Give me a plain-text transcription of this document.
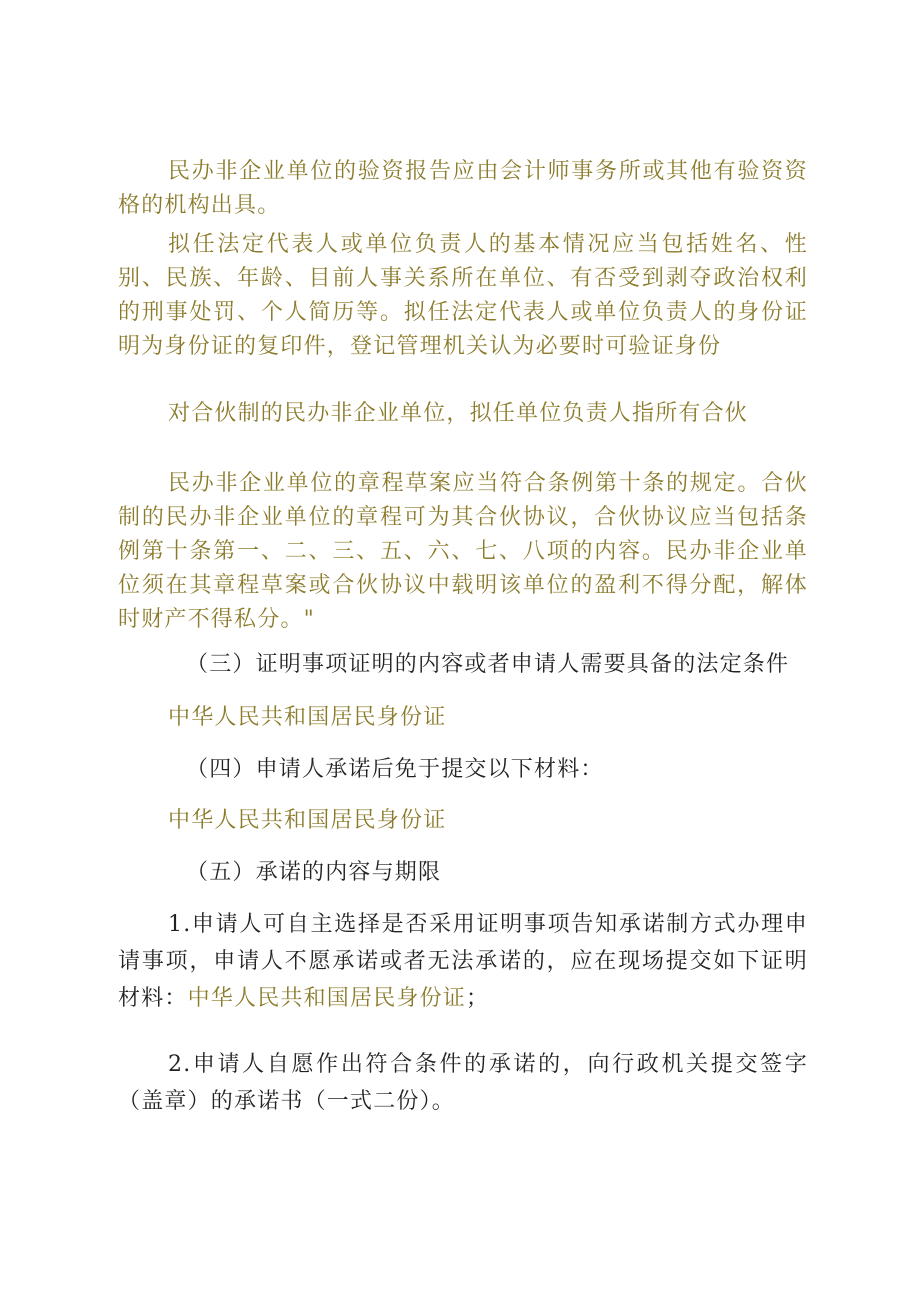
民办非企业单位的验资报告应由会计师事务所或其他有验资资格的机构出具。

拟任法定代表人或单位负责人的基本情况应当包括姓名、性别、民族、年龄、目前人事关系所在单位、有否受到剥夺政治权利的刑事处罚、个人简历等。拟任法定代表人或单位负责人的身份证明为身份证的复印件，登记管理机关认为必要时可验证身份

对合伙制的民办非企业单位，拟任单位负责人指所有合伙

民办非企业单位的章程草案应当符合条例第十条的规定。合伙制的民办非企业单位的章程可为其合伙协议，合伙协议应当包括条例第十条第一、二、三、五、六、七、八项的内容。民办非企业单位须在其章程草案或合伙协议中载明该单位的盈利不得分配，解体时财产不得私分。"

（三）证明事项证明的内容或者申请人需要具备的法定条件

中华人民共和国居民身份证

（四）申请人承诺后免于提交以下材料：

中华人民共和国居民身份证

（五）承诺的内容与期限

1.申请人可自主选择是否采用证明事项告知承诺制方式办理申请事项，申请人不愿承诺或者无法承诺的，应在现场提交如下证明材料：中华人民共和国居民身份证；

2.申请人自愿作出符合条件的承诺的，向行政机关提交签字（盖章）的承诺书（一式二份）。
